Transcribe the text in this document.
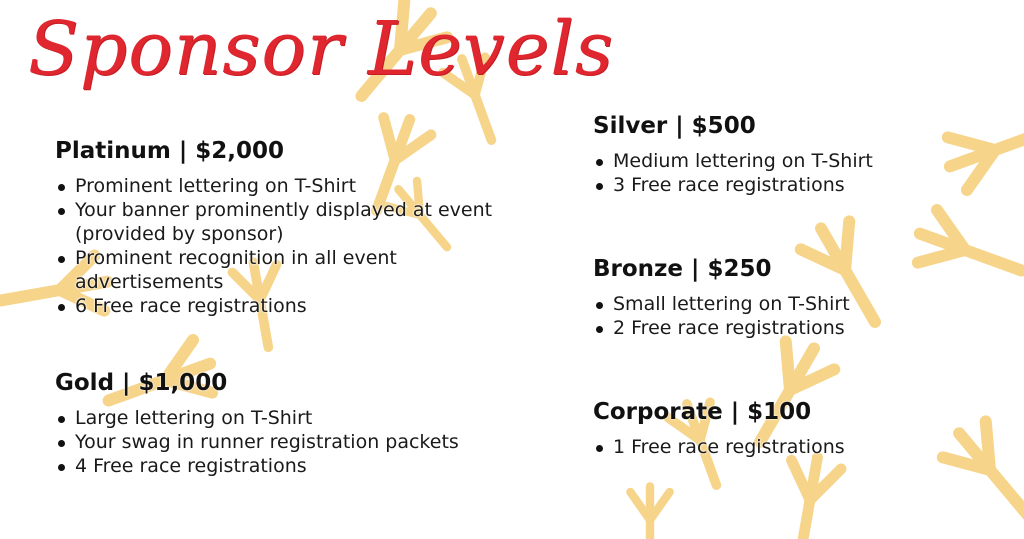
Sponsor Levels
Platinum | $2,000
Prominent lettering on T-Shirt
Your banner prominently displayed at event (provided by sponsor)
Prominent recognition in all event advertisements
6 Free race registrations
Gold | $1,000
Large lettering on T-Shirt
Your swag in runner registration packets
4 Free race registrations
Silver | $500
Medium lettering on T-Shirt
3 Free race registrations
Bronze | $250
Small lettering on T-Shirt
2 Free race registrations
Corporate | $100
1 Free race registrations
